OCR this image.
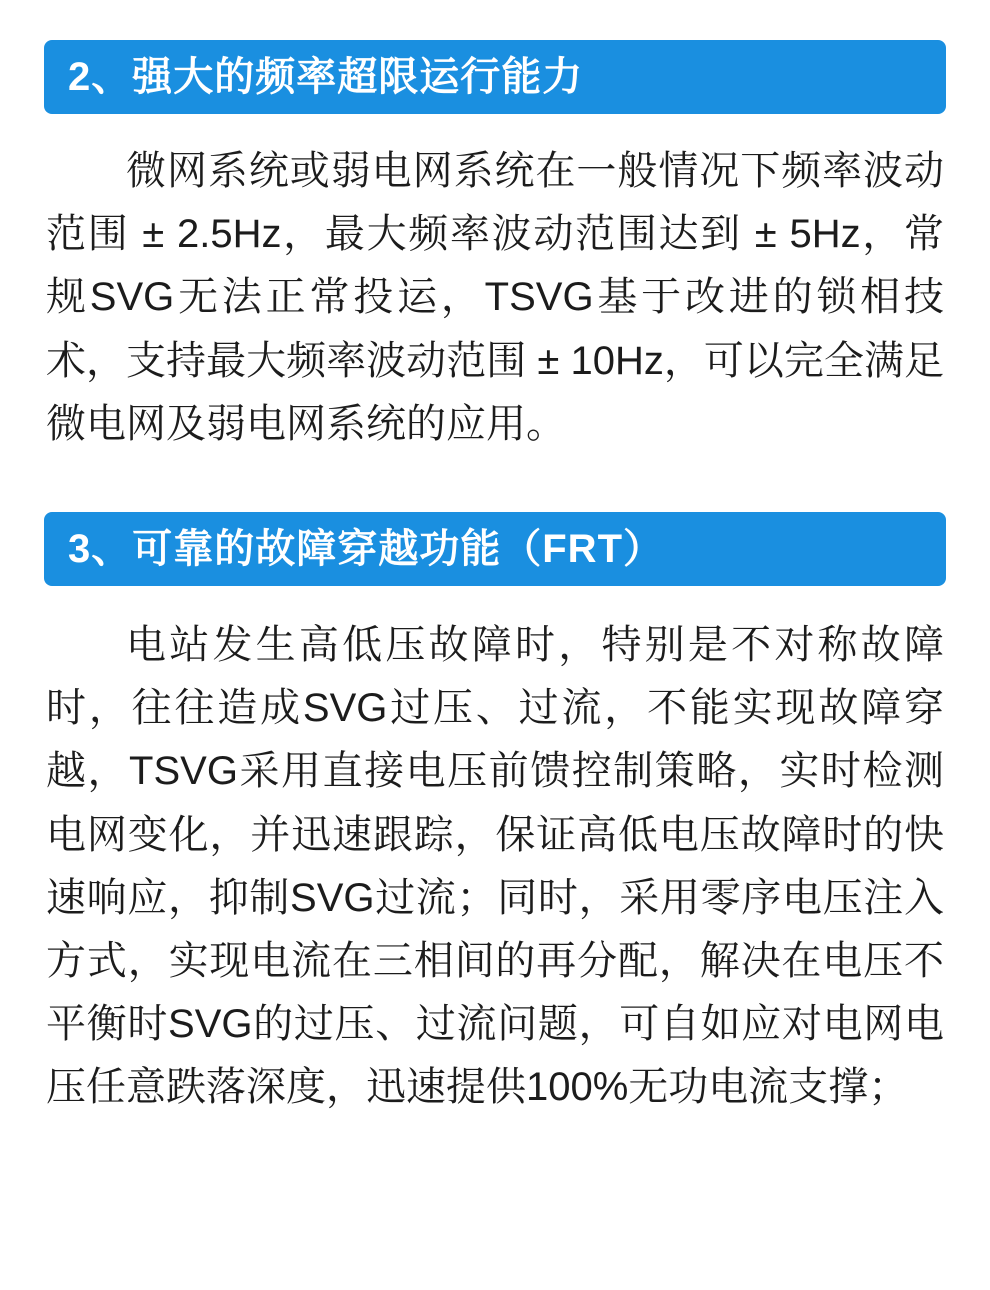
2、强大的频率超限运行能力

微网系统或弱电网系统在一般情况下频率波动范围 ± 2.5Hz，最大频率波动范围达到 ± 5Hz，常规SVG无法正常投运，TSVG基于改进的锁相技术，支持最大频率波动范围 ± 10Hz，可以完全满足微电网及弱电网系统的应用。

3、可靠的故障穿越功能（FRT）

电站发生高低压故障时，特别是不对称故障时，往往造成SVG过压、过流，不能实现故障穿越，TSVG采用直接电压前馈控制策略，实时检测电网变化，并迅速跟踪，保证高低电压故障时的快速响应，抑制SVG过流；同时，采用零序电压注入方式，实现电流在三相间的再分配，解决在电压不平衡时SVG的过压、过流问题，可自如应对电网电压任意跌落深度，迅速提供100%无功电流支撑；
